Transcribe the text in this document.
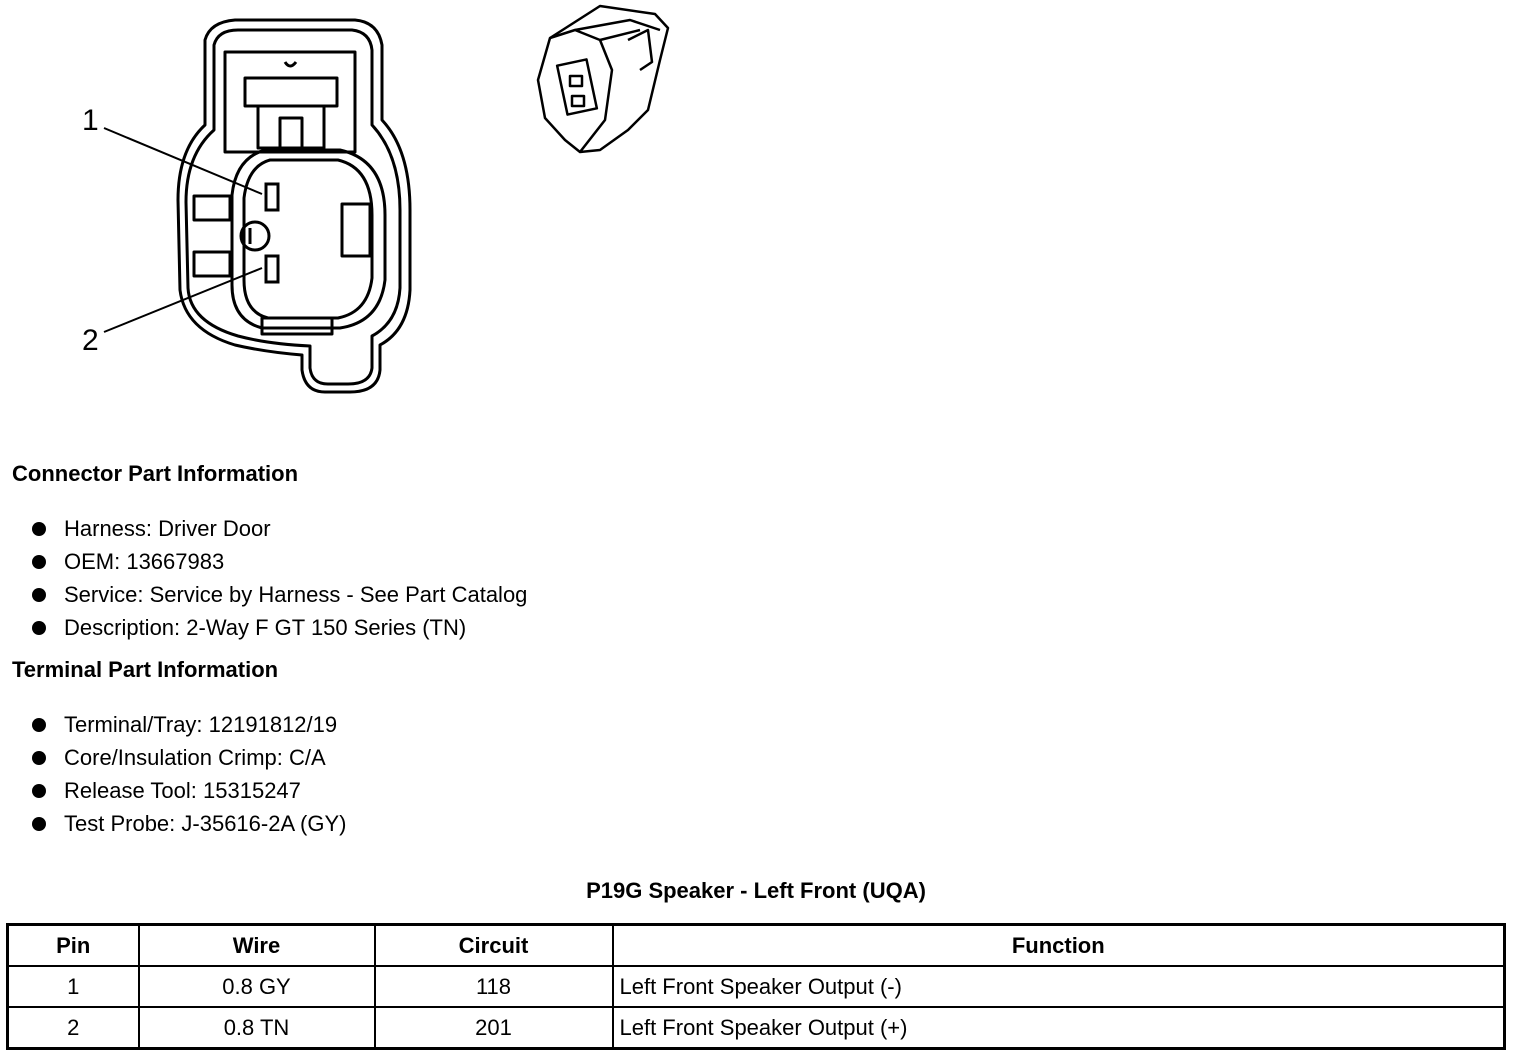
1
2
Connector Part Information
Harness: Driver Door
OEM: 13667983
Service: Service by Harness - See Part Catalog
Description: 2-Way F GT 150 Series (TN)
Terminal Part Information
Terminal/Tray: 12191812/19
Core/Insulation Crimp: C/A
Release Tool: 15315247
Test Probe: J-35616-2A (GY)
P19G Speaker - Left Front (UQA)
Pin	Wire	Circuit	Function
1	0.8 GY	118	Left Front Speaker Output (-)
2	0.8 TN	201	Left Front Speaker Output (+)
